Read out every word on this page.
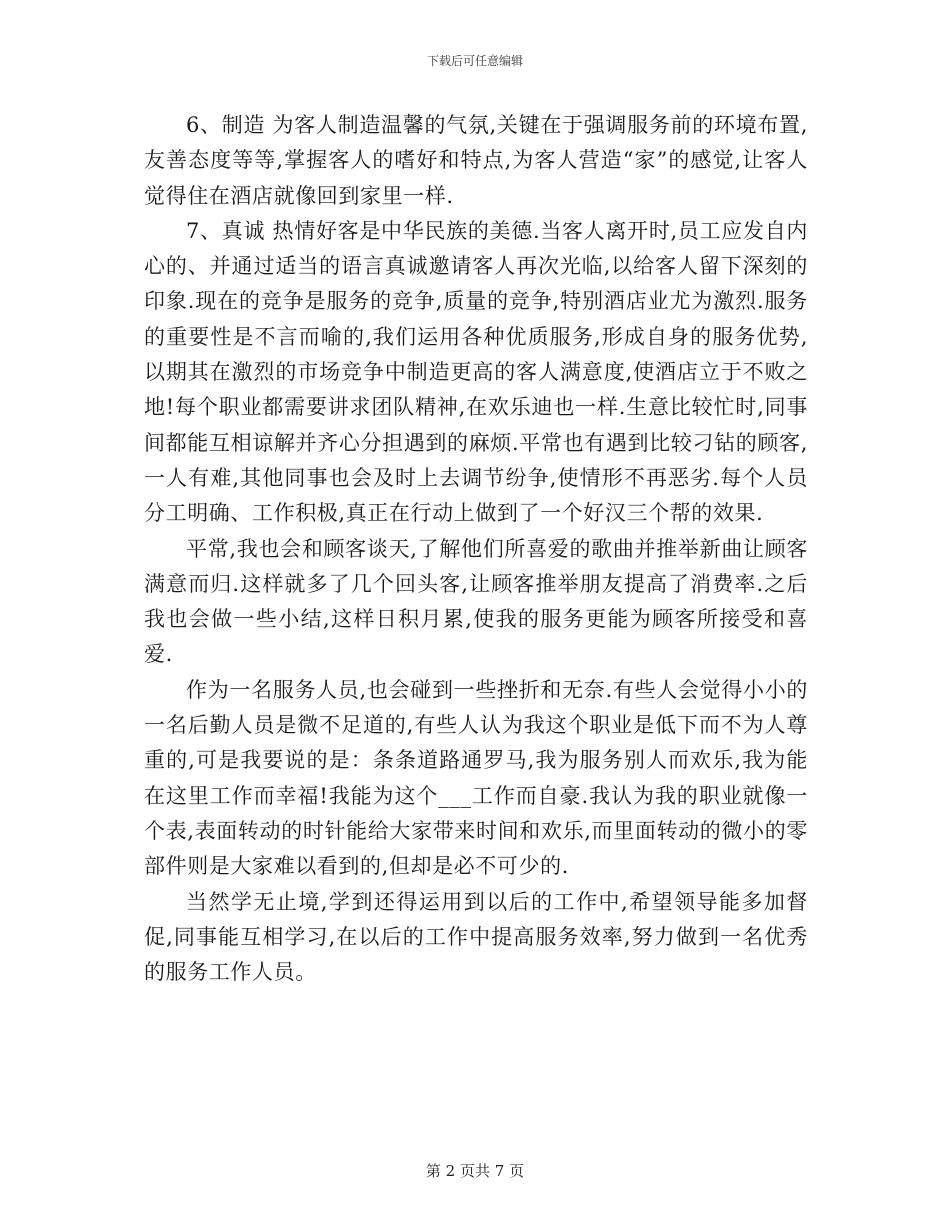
下载后可任意编辑

6、制造 为客人制造温馨的气氛,关键在于强调服务前的环境布置,友善态度等等,掌握客人的嗜好和特点,为客人营造“家”的感觉,让客人觉得住在酒店就像回到家里一样.

7、真诚 热情好客是中华民族的美德.当客人离开时,员工应发自内心的、并通过适当的语言真诚邀请客人再次光临,以给客人留下深刻的印象.现在的竞争是服务的竞争,质量的竞争,特别酒店业尤为激烈.服务的重要性是不言而喻的,我们运用各种优质服务,形成自身的服务优势,以期其在激烈的市场竞争中制造更高的客人满意度,使酒店立于不败之地!每个职业都需要讲求团队精神,在欢乐迪也一样.生意比较忙时,同事间都能互相谅解并齐心分担遇到的麻烦.平常也有遇到比较刁钻的顾客,一人有难,其他同事也会及时上去调节纷争,使情形不再恶劣.每个人员分工明确、工作积极,真正在行动上做到了一个好汉三个帮的效果.

平常,我也会和顾客谈天,了解他们所喜爱的歌曲并推举新曲让顾客满意而归.这样就多了几个回头客,让顾客推举朋友提高了消费率.之后我也会做一些小结,这样日积月累,使我的服务更能为顾客所接受和喜爱.

作为一名服务人员,也会碰到一些挫折和无奈.有些人会觉得小小的一名后勤人员是微不足道的,有些人认为我这个职业是低下而不为人尊重的,可是我要说的是：条条道路通罗马,我为服务别人而欢乐,我为能在这里工作而幸福!我能为这个___工作而自豪.我认为我的职业就像一个表,表面转动的时针能给大家带来时间和欢乐,而里面转动的微小的零部件则是大家难以看到的,但却是必不可少的.

当然学无止境,学到还得运用到以后的工作中,希望领导能多加督促,同事能互相学习,在以后的工作中提高服务效率,努力做到一名优秀的服务工作人员。

第 2 页共 7 页
